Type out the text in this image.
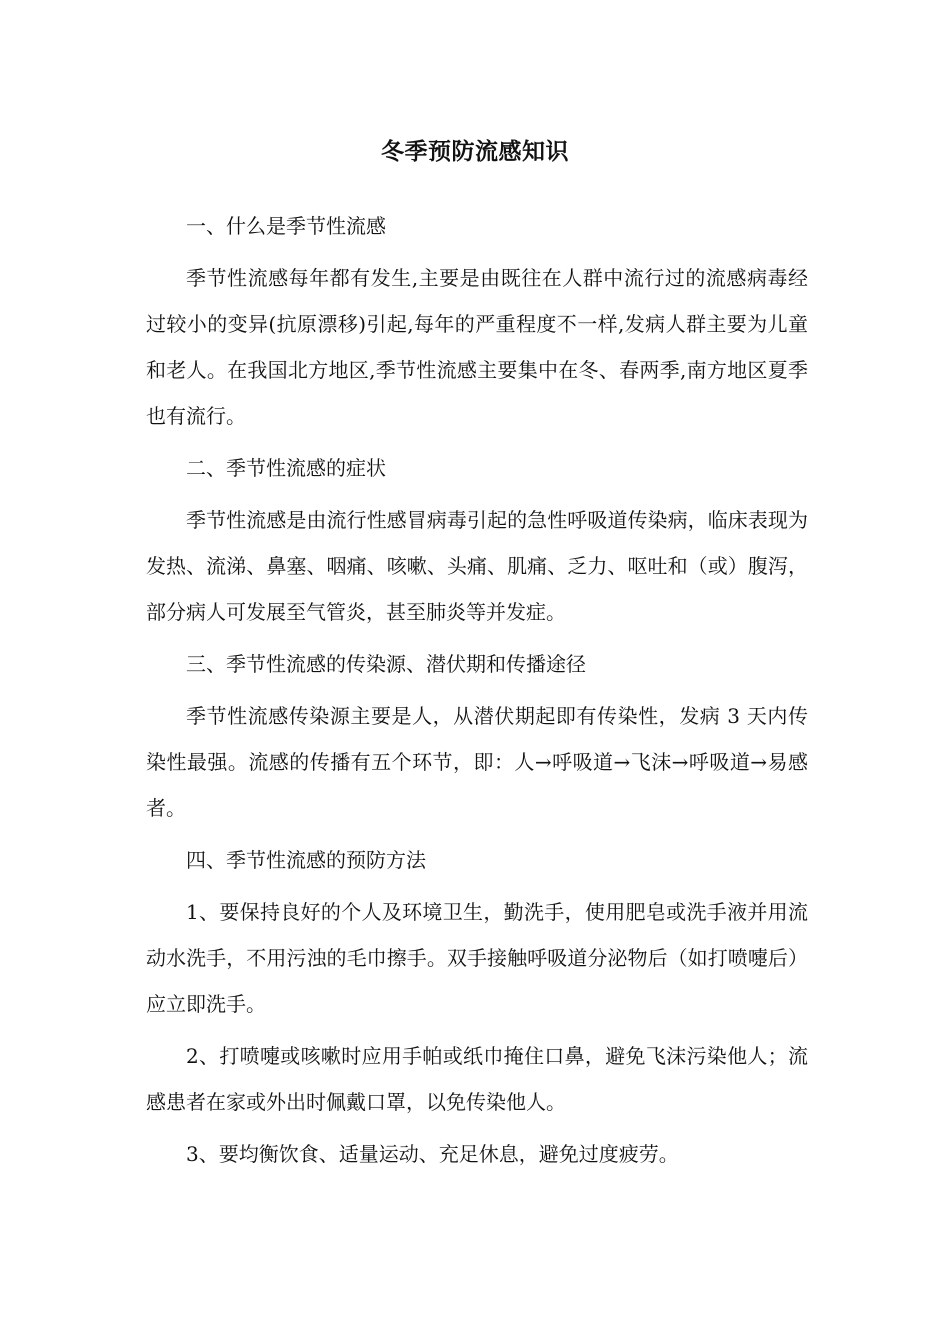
冬季预防流感知识

一、什么是季节性流感

季节性流感每年都有发生,主要是由既往在人群中流行过的流感病毒经过较小的变异(抗原漂移)引起,每年的严重程度不一样,发病人群主要为儿童和老人。在我国北方地区,季节性流感主要集中在冬、春两季,南方地区夏季也有流行。

二、季节性流感的症状

季节性流感是由流行性感冒病毒引起的急性呼吸道传染病，临床表现为发热、流涕、鼻塞、咽痛、咳嗽、头痛、肌痛、乏力、呕吐和（或）腹泻，部分病人可发展至气管炎，甚至肺炎等并发症。

三、季节性流感的传染源、潜伏期和传播途径

季节性流感传染源主要是人，从潜伏期起即有传染性，发病 3 天内传染性最强。流感的传播有五个环节，即：人→呼吸道→飞沫→呼吸道→易感者。

四、季节性流感的预防方法

1、要保持良好的个人及环境卫生，勤洗手，使用肥皂或洗手液并用流动水洗手，不用污浊的毛巾擦手。双手接触呼吸道分泌物后（如打喷嚏后）应立即洗手。

2、打喷嚏或咳嗽时应用手帕或纸巾掩住口鼻，避免飞沫污染他人；流感患者在家或外出时佩戴口罩，以免传染他人。

3、要均衡饮食、适量运动、充足休息，避免过度疲劳。
